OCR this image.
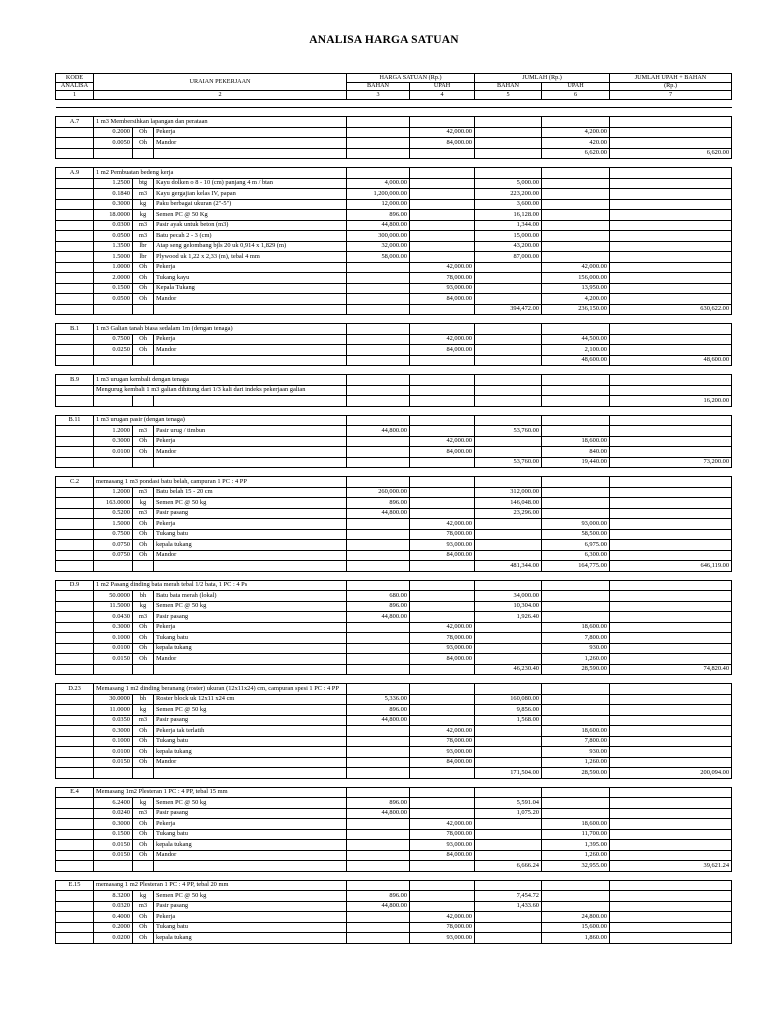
ANALISA HARGA SATUAN
KODE	URAIAN PEKERJAAN	HARGA SATUAN (Rp.)		JUMLAH (Rp.)		JUMLAH UPAH + BAHAN
ANALISA		BAHAN	UPAH	BAHAN	UPAH	(Rp.)
1	2	3	4	5	6	7

A.7	1 m3 Membersihkan lapangan dan perataan							
	0.2000	Oh	Pekerja		42,000.00		4,200.00	
	0.0050	Oh	Mandor		84,000.00		420.00	
							6,620.00	6,620.00

A.9	1 m2 Pembuatan bedeng kerja							
	1.2500	btg	Kayu dolken o 8 - 10 (cm) panjang 4 m / btan	4,000.00		5,000.00		
	0.1840	m3	Kayu gergajian kelas IV, papan	1,200,000.00		223,200.00		
	0.3000	kg	Paku berbagai ukuran (2"-5")	12,000.00		3,600.00		
	18.0000	kg	Semen PC @ 50 Kg	896.00		16,128.00		
	0.0300	m3	Pasir ayak untuk beton (m3)	44,800.00		1,344.00		
	0.0500	m3	Batu pecah 2 - 3 (cm)	300,000.00		15,000.00		
	1.3500	lbr	Atap seng gelombang bjls 20 uk 0,914 x 1,829 (m)	32,000.00		43,200.00		
	1.5000	lbr	Plywood uk 1,22 x 2,33 (m), tebal 4 mm	58,000.00		87,000.00		
	1.0000	Oh	Pekerja		42,000.00		42,000.00	
	2.0000	Oh	Tukang kayu		78,000.00		156,000.00	
	0.1500	Oh	Kepala Tukang		93,000.00		13,950.00	
	0.0500	Oh	Mandor		84,000.00		4,200.00	
						394,472.00	236,150.00	630,622.00

B.1	1 m3 Galian tanah biasa sedalam 1m (dengan tenaga)							
	0.7500	Oh	Pekerja		42,000.00		44,500.00	
	0.0250	Oh	Mandor		84,000.00		2,100.00	
							48,600.00	48,600.00

B.9	1 m3 urugan kembali dengan tenaga							
	Mengurug kembali 1 m3 galian dihitung dari 1/3 kali dari indeks pekerjaan galian							
								16,200.00

B.11	1 m3 urugan pasir (dengan tenaga)							
	1.2000	m3	Pasir urug / timbun	44,800.00		53,760.00		
	0.3000	Oh	Pekerja		42,000.00		18,600.00	
	0.0100	Oh	Mandor		84,000.00		840.00	
						53,760.00	19,440.00	73,200.00

C.2	memasang 1 m3 pondasi batu belah, campuran 1 PC : 4 PP							
	1.2000	m3	Batu belah 15 - 20 cm	260,000.00		312,000.00		
	163.0000	kg	Semen PC @ 50 kg	896.00		146,048.00		
	0.5200	m3	Pasir pasang	44,800.00		23,296.00		
	1.5000	Oh	Pekerja		42,000.00		93,000.00	
	0.7500	Oh	Tukang batu		78,000.00		58,500.00	
	0.0750	Oh	kepala tukang		93,000.00		6,975.00	
	0.0750	Oh	Mandor		84,000.00		6,300.00	
						481,344.00	164,775.00	646,119.00

D.9	1 m2 Pasang dinding bata merah tebal 1/2 bata, 1 PC : 4 Ps							
	50.0000	bh	Batu bata merah (lokal)	680.00		34,000.00		
	11.5000	kg	Semen PC @ 50 kg	896.00		10,304.00		
	0.0430	m3	Pasir pasang	44,800.00		1,926.40		
	0.3000	Oh	Pekerja		42,000.00		18,600.00	
	0.1000	Oh	Tukang batu		78,000.00		7,800.00	
	0.0100	Oh	kepala tukang		93,000.00		930.00	
	0.0150	Oh	Mandor		84,000.00		1,260.00	
						46,230.40	28,590.00	74,820.40

D.23	Memasang 1 m2 dinding beranang (roster) ukuran (12x11x24) cm, campuran spesi 1 PC : 4 PP							
	30.0000	bh	Roster block uk 12x11 x24 cm	5,336.00		160,080.00		
	11.0000	kg	Semen PC @ 50 kg	896.00		9,856.00		
	0.0350	m3	Pasir pasang	44,800.00		1,568.00		
	0.3000	Oh	Pekerja tak terlatih		42,000.00		18,600.00	
	0.1000	Oh	Tukang batu		78,000.00		7,800.00	
	0.0100	Oh	kepala tukang		93,000.00		930.00	
	0.0150	Oh	Mandor		84,000.00		1,260.00	
						171,504.00	28,590.00	200,094.00

E.4	Memasang 1m2 Plesteran 1 PC : 4 PP, tebal 15 mm							
	6.2400	kg	Semen PC @ 50 kg	896.00		5,591.04		
	0.0240	m3	Pasir pasang	44,800.00		1,075.20		
	0.3000	Oh	Pekerja		42,000.00		18,600.00	
	0.1500	Oh	Tukang batu		78,000.00		11,700.00	
	0.0150	Oh	kepala tukang		93,000.00		1,395.00	
	0.0150	Oh	Mandor		84,000.00		1,260.00	
						6,666.24	32,955.00	39,621.24

E.15	memasang 1 m2 Plesteran 1 PC : 4 PP, tebal 20 mm							
	8.3200	kg	Semen PC @ 50 kg	896.00		7,454.72		
	0.0320	m3	Pasir pasang	44,800.00		1,433.60		
	0.4000	Oh	Pekerja		42,000.00		24,800.00	
	0.2000	Oh	Tukang batu		78,000.00		15,600.00	
	0.0200	Oh	kepala tukang		93,000.00		1,860.00	
